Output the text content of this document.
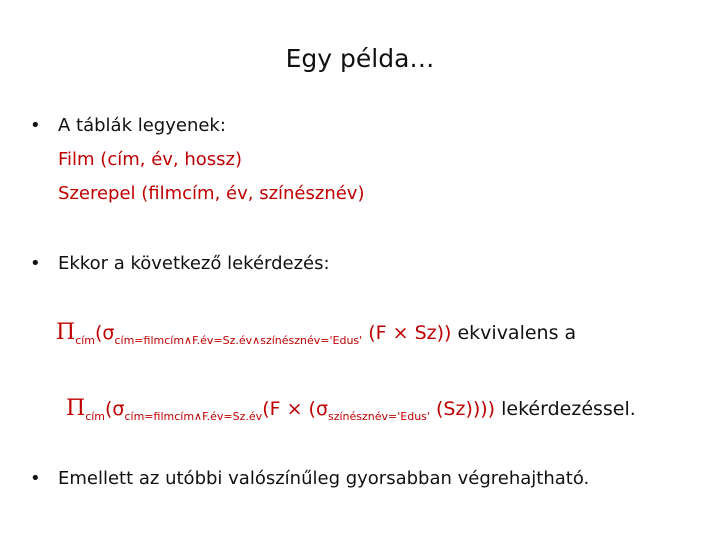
Egy példa…
• A táblák legyenek:
Film (cím, év, hossz)
Szerepel (filmcím, év, színésznév)
• Ekkor a következő lekérdezés:
$\Pi_{cím}(\sigma_{cím=filmcím\wedge F.év=Sz.év\wedge színésznév='Edus'}$ (F × Sz)) ekvivalens a
$\Pi_{cím}(\sigma_{cím=filmcím\wedge F.év=Sz.év}(F \times (\sigma_{színésznév='Edus'}$ (Sz)))) lekérdezéssel.
• Emellett az utóbbi valószínűleg gyorsabban végrehajtható.
